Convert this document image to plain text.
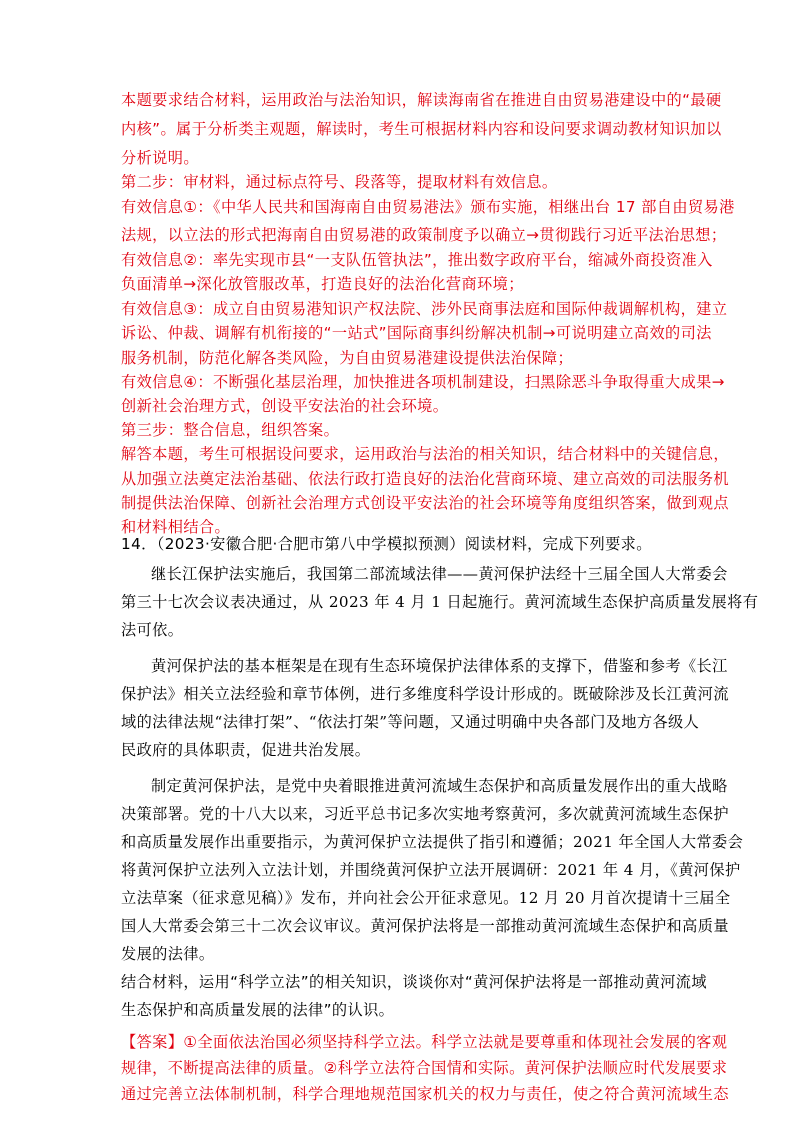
本题要求结合材料，运用政治与法治知识，解读海南省在推进自由贸易港建设中的“最硬
内核”。属于分析类主观题，解读时，考生可根据材料内容和设问要求调动教材知识加以
分析说明。
第二步：审材料，通过标点符号、段落等，提取材料有效信息。
有效信息①：《中华人民共和国海南自由贸易港法》颁布实施，相继出台 17 部自由贸易港
法规，以立法的形式把海南自由贸易港的政策制度予以确立→贯彻践行习近平法治思想；
有效信息②：率先实现市县“一支队伍管执法”，推出数字政府平台，缩减外商投资准入
负面清单→深化放管服改革，打造良好的法治化营商环境；
有效信息③：成立自由贸易港知识产权法院、涉外民商事法庭和国际仲裁调解机构，建立
诉讼、仲裁、调解有机衔接的“一站式”国际商事纠纷解决机制→可说明建立高效的司法
服务机制，防范化解各类风险，为自由贸易港建设提供法治保障；
有效信息④：不断强化基层治理，加快推进各项机制建设，扫黑除恶斗争取得重大成果→
创新社会治理方式，创设平安法治的社会环境。
第三步：整合信息，组织答案。
解答本题，考生可根据设问要求，运用政治与法治的相关知识，结合材料中的关键信息，
从加强立法奠定法治基础、依法行政打造良好的法治化营商环境、建立高效的司法服务机
制提供法治保障、创新社会治理方式创设平安法治的社会环境等角度组织答案，做到观点
和材料相结合。
14．（2023·安徽合肥·合肥市第八中学模拟预测）阅读材料，完成下列要求。
继长江保护法实施后，我国第二部流域法律——黄河保护法经十三届全国人大常委会
第三十七次会议表决通过，从 2023 年 4 月 1 日起施行。黄河流域生态保护高质量发展将有
法可依。
黄河保护法的基本框架是在现有生态环境保护法律体系的支撑下，借鉴和参考《长江
保护法》相关立法经验和章节体例，进行多维度科学设计形成的。既破除涉及长江黄河流
域的法律法规“法律打架”、“依法打架”等问题，又通过明确中央各部门及地方各级人
民政府的具体职责，促进共治发展。
制定黄河保护法，是党中央着眼推进黄河流域生态保护和高质量发展作出的重大战略
决策部署。党的十八大以来，习近平总书记多次实地考察黄河，多次就黄河流域生态保护
和高质量发展作出重要指示，为黄河保护立法提供了指引和遵循；2021 年全国人大常委会
将黄河保护立法列入立法计划，并围绕黄河保护立法开展调研：2021 年 4 月，《黄河保护
立法草案（征求意见稿）》发布，并向社会公开征求意见。12 月 20 月首次提请十三届全
国人大常委会第三十二次会议审议。黄河保护法将是一部推动黄河流域生态保护和高质量
发展的法律。
结合材料，运用“科学立法”的相关知识，谈谈你对“黄河保护法将是一部推动黄河流域
生态保护和高质量发展的法律”的认识。
【答案】①全面依法治国必须坚持科学立法。科学立法就是要尊重和体现社会发展的客观
规律，不断提高法律的质量。②科学立法符合国情和实际。黄河保护法顺应时代发展要求
通过完善立法体制机制，科学合理地规范国家机关的权力与责任，使之符合黄河流域生态
